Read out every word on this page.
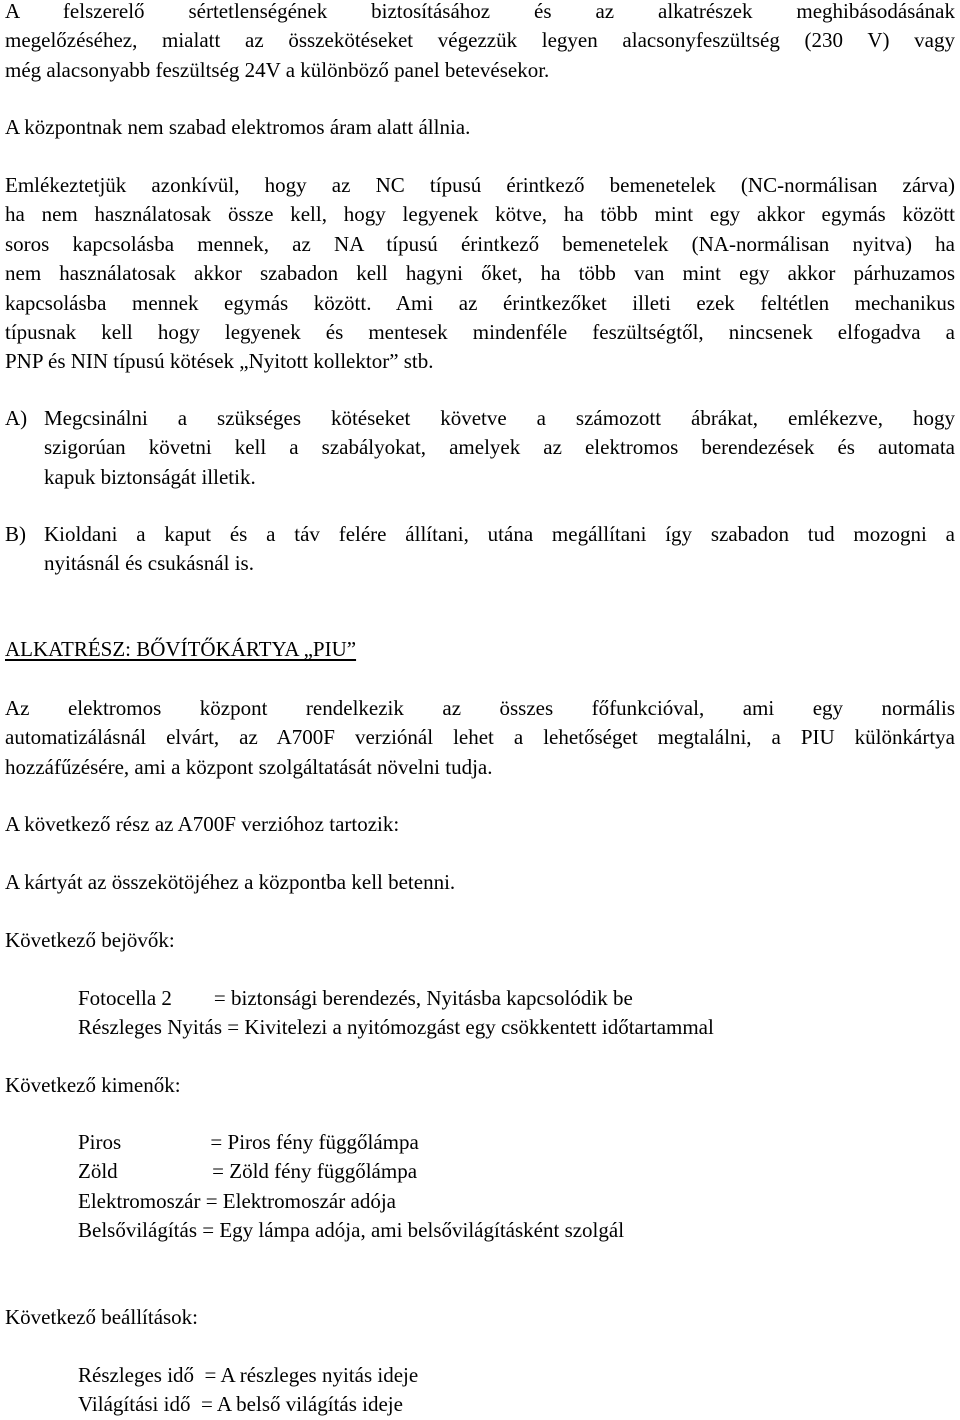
A felszerelő sértetlenségének biztosításához és az alkatrészek meghibásodásának
megelőzéséhez, mialatt az összekötéseket végezzük legyen alacsonyfeszültség (230 V) vagy
még alacsonyabb feszültség 24V a különböző panel betevésekor.

A központnak nem szabad elektromos áram alatt állnia.

Emlékeztetjük azonkívül, hogy az NC típusú érintkező bemenetelek (NC-normálisan zárva)
ha nem használatosak össze kell, hogy legyenek kötve, ha több mint egy akkor egymás között
soros kapcsolásba mennek, az NA típusú érintkező bemenetelek (NA-normálisan nyitva) ha
nem használatosak akkor szabadon kell hagyni őket, ha több van mint egy akkor párhuzamos
kapcsolásba mennek egymás között. Ami az érintkezőket illeti ezek feltétlen mechanikus
típusnak kell hogy legyenek és mentesek mindenféle feszültségtől, nincsenek elfogadva a
PNP és NIN típusú kötések „Nyitott kollektor” stb.

A) Megcsinálni a szükséges kötéseket követve a számozott ábrákat, emlékezve, hogy
szigorúan követni kell a szabályokat, amelyek az elektromos berendezések és automata
kapuk biztonságát illetik.
B) Kioldani a kaput és a táv felére állítani, utána megállítani így szabadon tud mozogni a
nyitásnál és csukásnál is.
ALKATRÉSZ: BŐVÍTŐKÁRTYA „PIU”

Az elektromos központ rendelkezik az összes főfunkcióval, ami egy normális
automatizálásnál elvárt, az A700F verziónál lehet a lehetőséget megtalálni, a PIU különkártya
hozzáfűzésére, ami a központ szolgáltatását növelni tudja.

A következő rész az A700F verzióhoz tartozik:
A kártyát az összekötöjéhez a központba kell betenni.
Következő bejövők:
Fotocella 2        = biztonsági berendezés, Nyitásba kapcsolódik be
Részleges Nyitás = Kivitelezi a nyitómozgást egy csökkentett időtartammal
Következő kimenők:
Piros                 = Piros fény függőlámpa
Zöld                  = Zöld fény függőlámpa
Elektromoszár = Elektromoszár adója
Belsővilágítás = Egy lámpa adója, ami belsővilágításként szolgál
Következő beállítások:
Részleges idő  = A részleges nyitás ideje
Világítási idő  = A belső világítás ideje
